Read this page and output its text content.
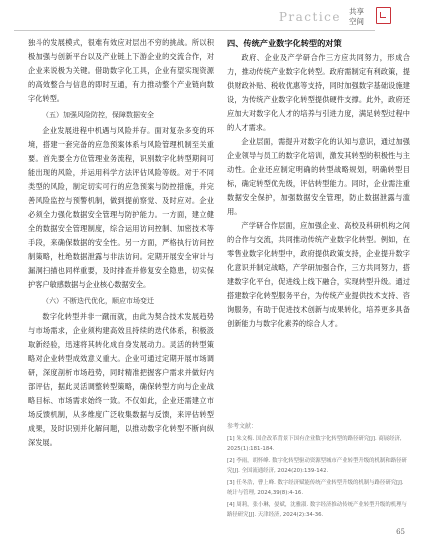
Practice 共享
空间

独斗的发展模式，很难有效应对层出不穷的挑战。所以积极加强与创新平台以及产业链上下游企业的交流合作，对企业来说极为关键。借助数字化工具，企业有望实现资源的高效整合与信息的即时互通，有力推动整个产业链向数字化转型。

（五）加强风险防控，保障数据安全

企业发展进程中机遇与风险并存。面对复杂多变的环境，搭建一套完备的应急预案体系与风险管理机制至关重要。首先要全方位管理业务流程，识别数字化转型期间可能出现的风险，并运用科学方法评估风险等级。对于不同类型的风险，制定切实可行的应急预案与防控措施，并完善风险监控与预警机制，做到提前察觉、及时应对。企业必须全力强化数据安全管理与防护能力。一方面，建立健全的数据安全管理制度，综合运用访问控制、加密技术等手段，来确保数据的安全性。另一方面，严格执行访问控制策略，杜绝数据泄露与非法访问。定期开展安全审计与漏洞扫描也同样重要，及时排查并修复安全隐患，切实保护客户敏感数据与企业核心数据安全。

（六）不断迭代优化，顺应市场变迁

数字化转型并非一蹴而就，由此为契合技术发展趋势与市场需求，企业须构建高效且持续的迭代体系，积极汲取新经验，迅速将其转化成自身发展动力。灵活的转型策略对企业转型成效意义重大。企业可通过定期开展市场调研，深度剖析市场趋势，同时精准把握客户需求并做好内部评估，据此灵活调整转型策略，确保转型方向与企业战略目标、市场需求始终一致。不仅如此，企业还需建立市场反馈机制，从多维度广泛收集数据与反馈，来评估转型成果，及时识别并化解问题，以推动数字化转型不断向纵深发展。

四、传统产业数字化转型的对策

政府、企业及产学研合作三方应共同努力，形成合力，推动传统产业数字化转型。政府需制定有利政策，提供财政补贴、税收优惠等支持，同时加强数字基础设施建设，为传统产业数字化转型提供硬件支撑。此外，政府还应加大对数字化人才的培养与引进力度，满足转型过程中的人才需求。

企业层面，需提升对数字化的认知与意识，通过加强企业领导与员工的数字化培训，激发其转型的积极性与主动性。企业还应制定明确的转型战略规划，明确转型目标，确定转型优先级，评估转型能力。同时，企业需注重数据安全保护，加强数据安全管理，防止数据泄露与滥用。

产学研合作层面，应加强企业、高校及科研机构之间的合作与交流，共同推动传统产业数字化转型。例如，在零售业数字化转型中，政府提供政策支持，企业提升数字化意识并制定战略，产学研加强合作，三方共同努力，搭建数字化平台，促进线上线下融合，实现转型升级。通过搭建数字化转型服务平台，为传统产业提供技术支持、咨询服务，有助于促进技术创新与成果转化，培养更多具备创新能力与数字化素养的综合人才。

参考文献：

[1] 朱文梅. 国企改革背景下国有企业数字化转型的路径研究[J]. 商展经济, 2025(1):181-184.

[2] 李雨，胡怀峰. 数字化转型驱动资源型城市产业转型升级的机制和路径研究[J]. 全国流通经济, 2024(20):139-142.

[3] 任冬浩，曹上峰. 数字经济赋能传统产业转型升级的机制与路径研究[J]. 统计与管理, 2024,39(8):4-16.

[4] 周莉，张小琳，晏斌，沈雅淑. 数字经济推动传统产业转型升级的机理与路径研究[J]. 天津经济, 2024(2):34-36.

65
